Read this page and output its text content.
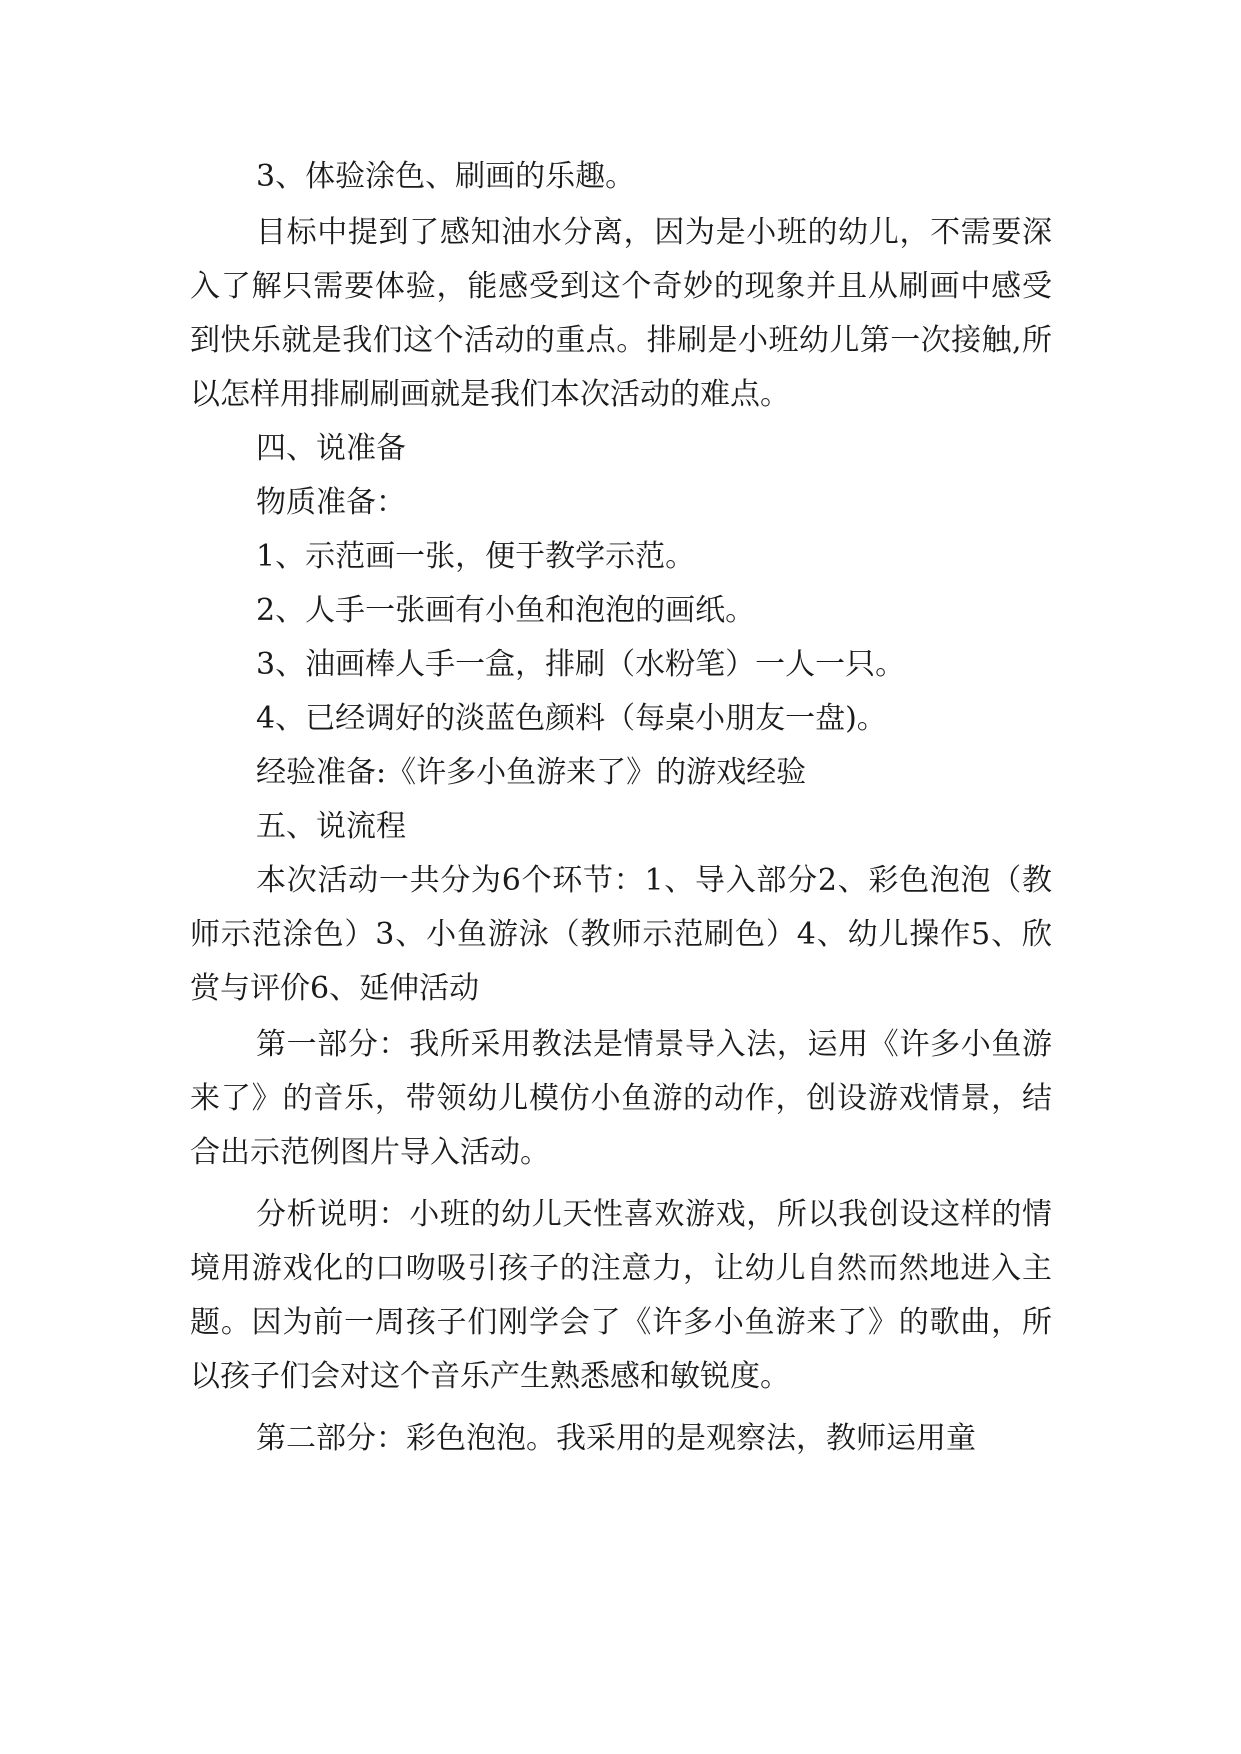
3、体验涂色、刷画的乐趣。

目标中提到了感知油水分离，因为是小班的幼儿，不需要深入了解只需要体验，能感受到这个奇妙的现象并且从刷画中感受到快乐就是我们这个活动的重点。排刷是小班幼儿第一次接触,所以怎样用排刷刷画就是我们本次活动的难点。

四、说准备

物质准备：

1、示范画一张，便于教学示范。

2、人手一张画有小鱼和泡泡的画纸。

3、油画棒人手一盒，排刷（水粉笔）一人一只。

4、已经调好的淡蓝色颜料（每桌小朋友一盘)。

经验准备:《许多小鱼游来了》的游戏经验

五、说流程

本次活动一共分为6个环节：1、导入部分2、彩色泡泡（教师示范涂色）3、小鱼游泳（教师示范刷色）4、幼儿操作5、欣赏与评价6、延伸活动

第一部分：我所采用教法是情景导入法，运用《许多小鱼游来了》的音乐，带领幼儿模仿小鱼游的动作，创设游戏情景，结合出示范例图片导入活动。

分析说明：小班的幼儿天性喜欢游戏，所以我创设这样的情境用游戏化的口吻吸引孩子的注意力，让幼儿自然而然地进入主题。因为前一周孩子们刚学会了《许多小鱼游来了》的歌曲，所以孩子们会对这个音乐产生熟悉感和敏锐度。

第二部分：彩色泡泡。我采用的是观察法，教师运用童
